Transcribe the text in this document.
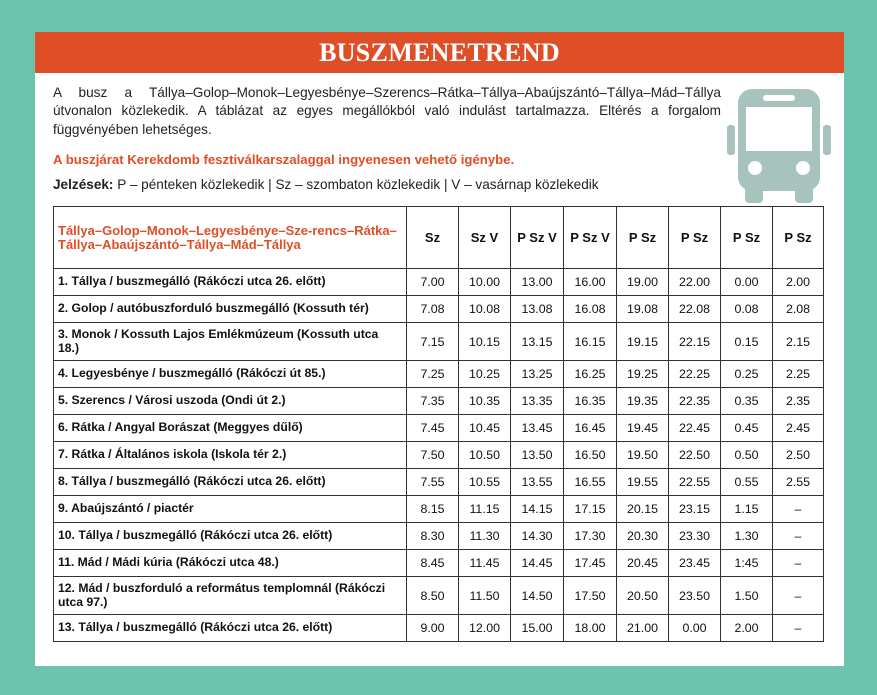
BUSZMENETREND
A busz a Tállya–Golop–Monok–Legyesbénye–Szerencs–Rátka–Tállya–Abaújszántó–Tállya–Mád–Tállya útvonalon közlekedik. A táblázat az egyes megállókból való indulást tartalmazza. Eltérés a forgalom függvényében lehetséges.
A buszjárat Kerekdomb fesztiválkarszalaggal ingyenesen vehető igénybe.
Jelzések: P – pénteken közlekedik | Sz – szombaton közlekedik | V – vasárnap közlekedik
Tállya–Golop–Monok–Legyesbénye–Sze-rencs–Rátka–Tállya–Abaújszántó–Tállya–Mád–Tállya	Sz	Sz V	P Sz V	P Sz V	P Sz	P Sz	P Sz	P Sz
1. Tállya / buszmegálló (Rákóczi utca 26. előtt)	7.00	10.00	13.00	16.00	19.00	22.00	0.00	2.00
2. Golop / autóbuszforduló buszmegálló (Kossuth tér)	7.08	10.08	13.08	16.08	19.08	22.08	0.08	2.08
3. Monok / Kossuth Lajos Emlékmúzeum (Kossuth utca 18.)	7.15	10.15	13.15	16.15	19.15	22.15	0.15	2.15
4. Legyesbénye / buszmegálló (Rákóczi út 85.)	7.25	10.25	13.25	16.25	19.25	22.25	0.25	2.25
5. Szerencs / Városi uszoda (Ondi út 2.)	7.35	10.35	13.35	16.35	19.35	22.35	0.35	2.35
6. Rátka / Angyal Borászat (Meggyes dűlő)	7.45	10.45	13.45	16.45	19.45	22.45	0.45	2.45
7. Rátka / Általános iskola (Iskola tér 2.)	7.50	10.50	13.50	16.50	19.50	22.50	0.50	2.50
8. Tállya / buszmegálló (Rákóczi utca 26. előtt)	7.55	10.55	13.55	16.55	19.55	22.55	0.55	2.55
9. Abaújszántó / piactér	8.15	11.15	14.15	17.15	20.15	23.15	1.15	–
10. Tállya / buszmegálló (Rákóczi utca 26. előtt)	8.30	11.30	14.30	17.30	20.30	23.30	1.30	–
11. Mád / Mádi kúria (Rákóczi utca 48.)	8.45	11.45	14.45	17.45	20.45	23.45	1:45	–
12. Mád / buszforduló a református templomnál (Rákóczi utca 97.)	8.50	11.50	14.50	17.50	20.50	23.50	1.50	–
13. Tállya / buszmegálló (Rákóczi utca 26. előtt)	9.00	12.00	15.00	18.00	21.00	0.00	2.00	–
